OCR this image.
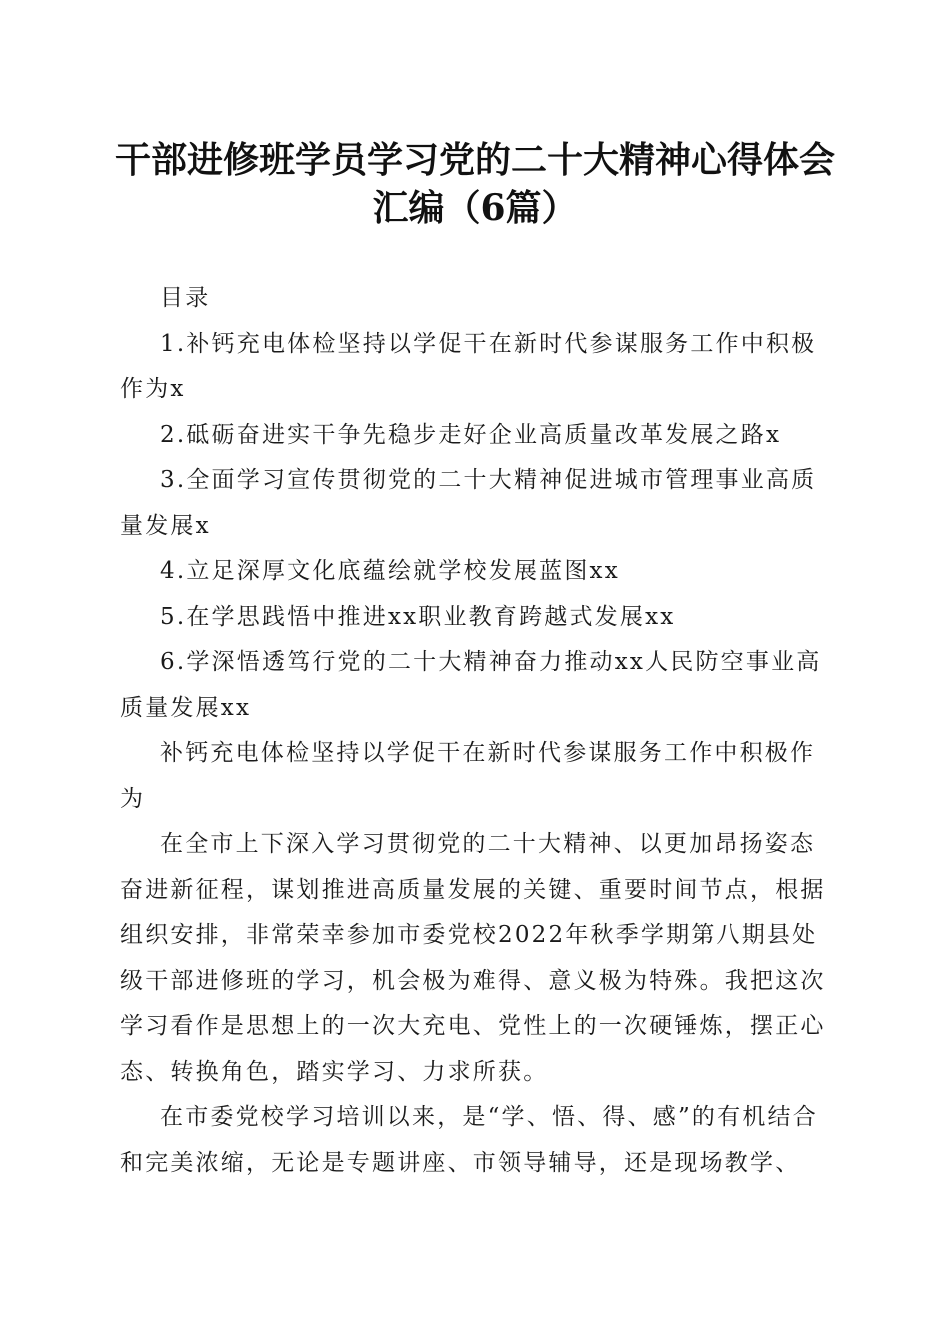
干部进修班学员学习党的二十大精神心得体会
汇编（6篇）

目录

1.补钙充电体检坚持以学促干在新时代参谋服务工作中积极作为x

2.砥砺奋进实干争先稳步走好企业高质量改革发展之路x

3.全面学习宣传贯彻党的二十大精神促进城市管理事业高质量发展x

4.立足深厚文化底蕴绘就学校发展蓝图xx

5.在学思践悟中推进xx职业教育跨越式发展xx

6.学深悟透笃行党的二十大精神奋力推动xx人民防空事业高质量发展xx

补钙充电体检坚持以学促干在新时代参谋服务工作中积极作为

在全市上下深入学习贯彻党的二十大精神、以更加昂扬姿态奋进新征程，谋划推进高质量发展的关键、重要时间节点，根据组织安排，非常荣幸参加市委党校2022年秋季学期第八期县处级干部进修班的学习，机会极为难得、意义极为特殊。我把这次学习看作是思想上的一次大充电、党性上的一次硬锤炼，摆正心态、转换角色，踏实学习、力求所获。

在市委党校学习培训以来，是“学、悟、得、感”的有机结合和完美浓缩，无论是专题讲座、市领导辅导，还是现场教学、
